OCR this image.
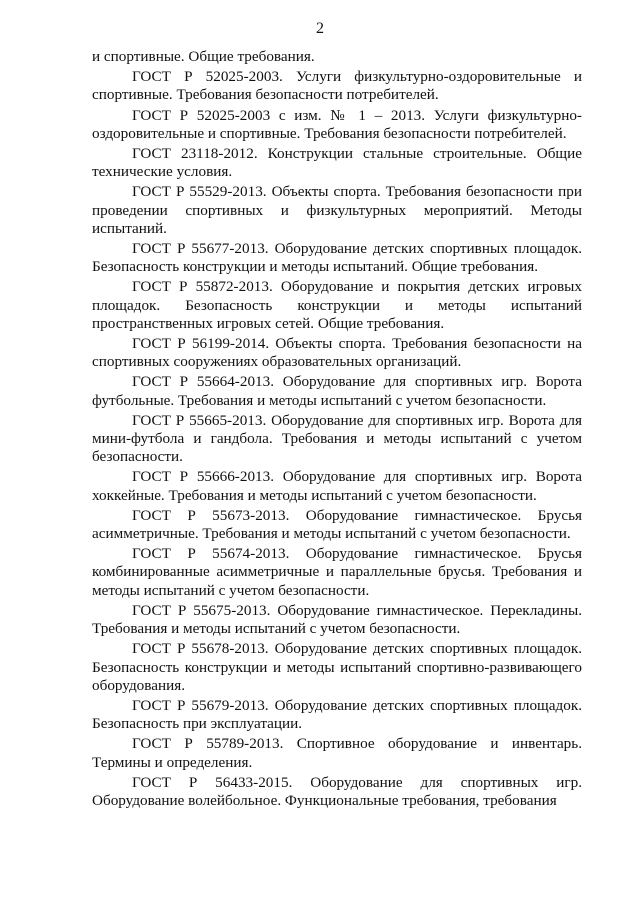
2

и спортивные. Общие требования.

ГОСТ Р 52025-2003. Услуги физкультурно-оздоровительные и спортивные. Требования безопасности потребителей.

ГОСТ Р 52025-2003 с изм. № 1 – 2013. Услуги физкультурно-оздоровительные и спортивные. Требования безопасности потребителей.

ГОСТ 23118-2012. Конструкции стальные строительные. Общие технические условия.

ГОСТ Р 55529-2013. Объекты спорта. Требования безопасности при проведении спортивных и физкультурных мероприятий. Методы испытаний.

ГОСТ Р 55677-2013. Оборудование детских спортивных площадок. Безопасность конструкции и методы испытаний. Общие требования.

ГОСТ Р 55872-2013. Оборудование и покрытия детских игровых площадок. Безопасность конструкции и методы испытаний пространственных игровых сетей. Общие требования.

ГОСТ Р 56199-2014. Объекты спорта. Требования безопасности на спортивных сооружениях образовательных организаций.

ГОСТ Р 55664-2013. Оборудование для спортивных игр. Ворота футбольные. Требования и методы испытаний с учетом безопасности.

ГОСТ Р 55665-2013. Оборудование для спортивных игр. Ворота для мини-футбола и гандбола. Требования и методы испытаний с учетом безопасности.

ГОСТ Р 55666-2013. Оборудование для спортивных игр. Ворота хоккейные. Требования и методы испытаний с учетом безопасности.

ГОСТ Р 55673-2013. Оборудование гимнастическое. Брусья асимметричные. Требования и методы испытаний с учетом безопасности.

ГОСТ Р 55674-2013. Оборудование гимнастическое. Брусья комбинированные асимметричные и параллельные брусья. Требования и методы испытаний с учетом безопасности.

ГОСТ Р 55675-2013. Оборудование гимнастическое. Перекладины. Требования и методы испытаний с учетом безопасности.

ГОСТ Р 55678-2013. Оборудование детских спортивных площадок. Безопасность конструкции и методы испытаний спортивно-развивающего оборудования.

ГОСТ Р 55679-2013. Оборудование детских спортивных площадок. Безопасность при эксплуатации.

ГОСТ Р 55789-2013. Спортивное оборудование и инвентарь. Термины и определения.

ГОСТ Р 56433-2015. Оборудование для спортивных игр. Оборудование волейбольное. Функциональные требования, требования
